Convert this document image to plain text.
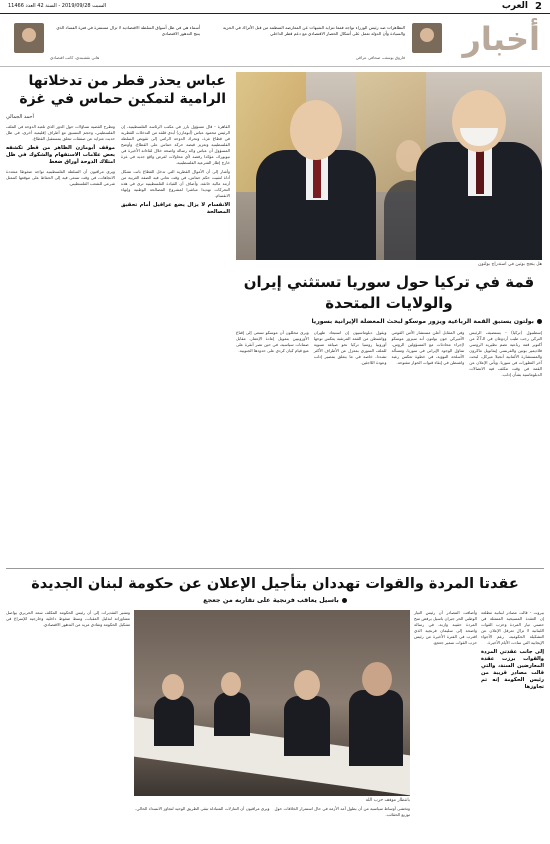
2
العرب
السبت 2019/09/28 - السنة 42 العدد 11466
أخبار
التظاهرات ضد رئيس الوزراء تواجه قمعا تتزايد الشبهات عن المعارضة المنظمة من قبل الأتراك في الحرية والسيادة وأن الدولة تعمل على أشكال الحصار الاقتصادي مع دعم قطر الداخلي
فاروق يوسف، صحافي عراقي
أسماء هي في ظل أسواق السلطة الاقتصادية لا تزال مستمرة في فترة الفساد الذي ينتج التدهور الاقتصادي
هاني نقشبندي، كاتب اقتصادي
عباس يحذر قطر من تدخلاتها الرامية لتمكين حماس في غزة
أحمد الجمالي

القاهرة - قال مسؤول بارز في مكتب الرئاسة الفلسطينية، إن الرئيس محمود عباس (أبومازن) أبدى قلقه من التدخلات القطرية في قطاع غزة، وتحرك الدوحة الرامي إلى تقويض السلطة الفلسطينية وتعزيز قبضة حركة حماس على القطاع. وأوضح المسؤول أن عباس وجّه رسالة واضحة خلال لقاءاته الأخيرة في نيويورك، مؤكدا رفضه لأي محاولات لفرض واقع جديد في غزة خارج إطار الشرعية الفلسطينية.

وأشار إلى أن الأموال القطرية التي تدخل القطاع باتت تشكل أداة لتثبيت حكم حماس، في وقت تعاني فيه الضفة الغربية من أزمة مالية خانقة. وأضاف أن القيادة الفلسطينية ترى في هذه التحركات تهديدا مباشرا لمشروع المصالحة الوطنية وإنهاء الانقسام.

الانقسام لا يزال يضع عراقيل أمام تحقيق المصالحة

وتطرح القضية تساؤلات حول الدور الذي تلعبه الدوحة في الملف الفلسطيني، وحجم التنسيق مع أطراف إقليمية أخرى، في ظل حديث متزايد عن صفقات تتعلق بمستقبل القطاع.

موقف أبومازن الظاهر من قطر تكشفه بعض علامات الاستفهام والشكوك في ظل امتلاك الدوحة أوراق ضغط

ويرى مراقبون أن السلطة الفلسطينية تواجه ضغوطا متعددة الاتجاهات، في وقت تسعى فيه إلى الحفاظ على موقعها كممثل شرعي للشعب الفلسطيني.

هل ينجح بوتين في استدراج بولتون
قمة في تركيا حول سوريا تستثني إيران والولايات المتحدة
بولتون يستبق القمة الرباعية ويزور موسكو لبحث المعضلة الإيرانية بسوريا
إسطنبول (تركيا) - يستضيف الرئيس التركي رجب طيب أردوغان في الـ27 من أكتوبر قمة رباعية تضم نظيريه الروسي فلاديمير بوتين والفرنسي إيمانويل ماكرون والمستشارة الألمانية أنجيلا ميركل، لبحث آخر التطورات في سوريا. ويأتي الإعلان عن القمة في وقت تتكثف فيه الاتصالات الدبلوماسية بشأن إدلب.
وفي المقابل أعلن مستشار الأمن القومي الأميركي جون بولتون أنه سيزور موسكو لإجراء محادثات مع المسؤولين الروس، تتناول الوجود الإيراني في سوريا، ومسألة الأسلحة النووية، في خطوة تعكس رغبة واشنطن في إبقاء قنوات الحوار مفتوحة.
ويقول دبلوماسيون إن استبعاد طهران وواشنطن من القمة المرتقبة يعكس توجها أوروبيا روسيا تركيا نحو صياغة تسوية للملف السوري بمعزل عن الأطراف الأكثر تشددا، خاصة في ما يتعلق بمصير إدلب وعودة اللاجئين.
ويرى محللون أن موسكو تسعى إلى إقناع الأوروبيين بتمويل إعادة الإعمار، مقابل ضمانات سياسية، في حين تصر أنقرة على منع قيام كيان كردي على حدودها الجنوبية.
عقدتا المردة والقوات تهددان بتأجيل الإعلان عن حكومة لبنان الجديدة
باسيل يعاقب فرنجية على تقاربه من جعجع

بيروت - قالت مصادر لبنانية مطلعة إن العقدة المسيحية المتمثلة في حصتي تيار المردة وحزب القوات اللبنانية لا تزال تعرقل الإعلان عن التشكيلة الحكومية، رغم الأجواء الإيجابية التي سادت الأيام الأخيرة.

إلى جانب عقدتي المردة والقوات برزت عقدة المعارضين السنة، والتي قالت مصادر قريبة من رئيس الحكومة إنه تم تجاوزها
وأضافت المصادر أن رئيس التيار الوطني الحر جبران باسيل يرفض منح المردة حقيبة وازنة، في رسالة واضحة إلى سليمان فرنجية الذي اقترب في الفترة الأخيرة من رئيس حزب القوات سمير جعجع.
بانتظار موقف حزب الله
وتخشى أوساط سياسية من أن يطول أمد الأزمة في حال استمرار الخلافات حول توزيع الحقائب.
ويرى مراقبون أن التنازلات المتبادلة تبقى الطريق الوحيد لتجاوز الانسداد الحالي.
وتشير التقديرات إلى أن رئيس الحكومة المكلف سعد الحريري يواصل مشاوراته لتذليل العقبات، وسط ضغوط داخلية وخارجية للإسراع في تشكيل الحكومة وتفادي مزيد من التدهور الاقتصادي.
